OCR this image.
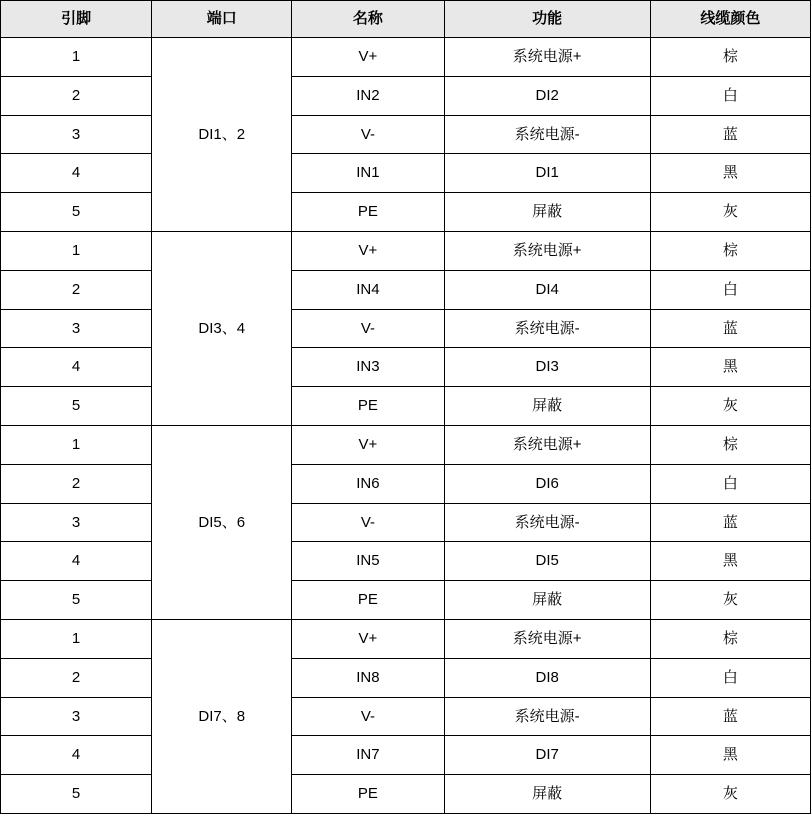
引脚	端口	名称	功能	线缆颜色
1	DI1、2	V+	系统电源+	棕
2		IN2	DI2	白
3		V-	系统电源-	蓝
4		IN1	DI1	黑
5		PE	屏蔽	灰
1	DI3、4	V+	系统电源+	棕
2		IN4	DI4	白
3		V-	系统电源-	蓝
4		IN3	DI3	黑
5		PE	屏蔽	灰
1	DI5、6	V+	系统电源+	棕
2		IN6	DI6	白
3		V-	系统电源-	蓝
4		IN5	DI5	黑
5		PE	屏蔽	灰
1	DI7、8	V+	系统电源+	棕
2		IN8	DI8	白
3		V-	系统电源-	蓝
4		IN7	DI7	黑
5		PE	屏蔽	灰
